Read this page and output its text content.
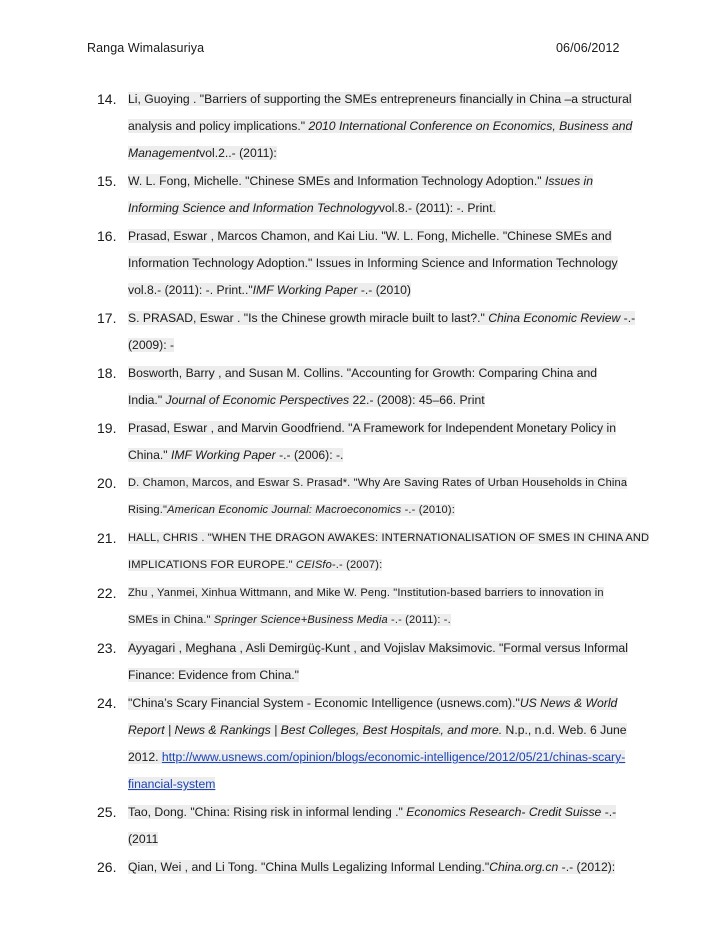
Ranga Wimalasuriya	06/06/2012
14. Li, Guoying . "Barriers of supporting the SMEs entrepreneurs financially in China –a structural
analysis and policy implications." 2010 International Conference on Economics, Business and
Managementvol.2..- (2011):
15. W. L. Fong, Michelle. "Chinese SMEs and Information Technology Adoption." Issues in
Informing Science and Information Technologyvol.8.- (2011): -. Print.
16. Prasad, Eswar , Marcos Chamon, and Kai Liu. "W. L. Fong, Michelle. "Chinese SMEs and
Information Technology Adoption." Issues in Informing Science and Information Technology
vol.8.- (2011): -. Print.."IMF Working Paper -.- (2010)
17. S. PRASAD, Eswar . "Is the Chinese growth miracle built to last?." China Economic Review -.-
(2009): -
18. Bosworth, Barry , and Susan M. Collins. "Accounting for Growth: Comparing China and
India." Journal of Economic Perspectives 22.- (2008): 45–66. Print
19. Prasad, Eswar , and Marvin Goodfriend. "A Framework for Independent Monetary Policy in
China." IMF Working Paper -.- (2006): -.
20. D. Chamon, Marcos, and Eswar S. Prasad*. "Why Are Saving Rates of Urban Households in China
Rising."American Economic Journal: Macroeconomics -.- (2010):
21. HALL, CHRIS . "WHEN THE DRAGON AWAKES: INTERNATIONALISATION OF SMES IN CHINA AND
IMPLICATIONS FOR EUROPE." CEISfo-.- (2007):
22. Zhu , Yanmei, Xinhua Wittmann, and Mike W. Peng. "Institution-based barriers to innovation in
SMEs in China." Springer Science+Business Media -.- (2011): -.
23. Ayyagari , Meghana , Asli Demirgüç-Kunt , and Vojislav Maksimovic. "Formal versus Informal
Finance: Evidence from China."
24. "China’s Scary Financial System - Economic Intelligence (usnews.com)."US News & World
Report | News & Rankings | Best Colleges, Best Hospitals, and more. N.p., n.d. Web. 6 June
2012. http://www.usnews.com/opinion/blogs/economic-intelligence/2012/05/21/chinas-scary-
financial-system
25. Tao, Dong. "China: Rising risk in informal lending ." Economics Research- Credit Suisse -.-
(2011
26. Qian, Wei , and Li Tong. "China Mulls Legalizing Informal Lending."China.org.cn -.- (2012):
